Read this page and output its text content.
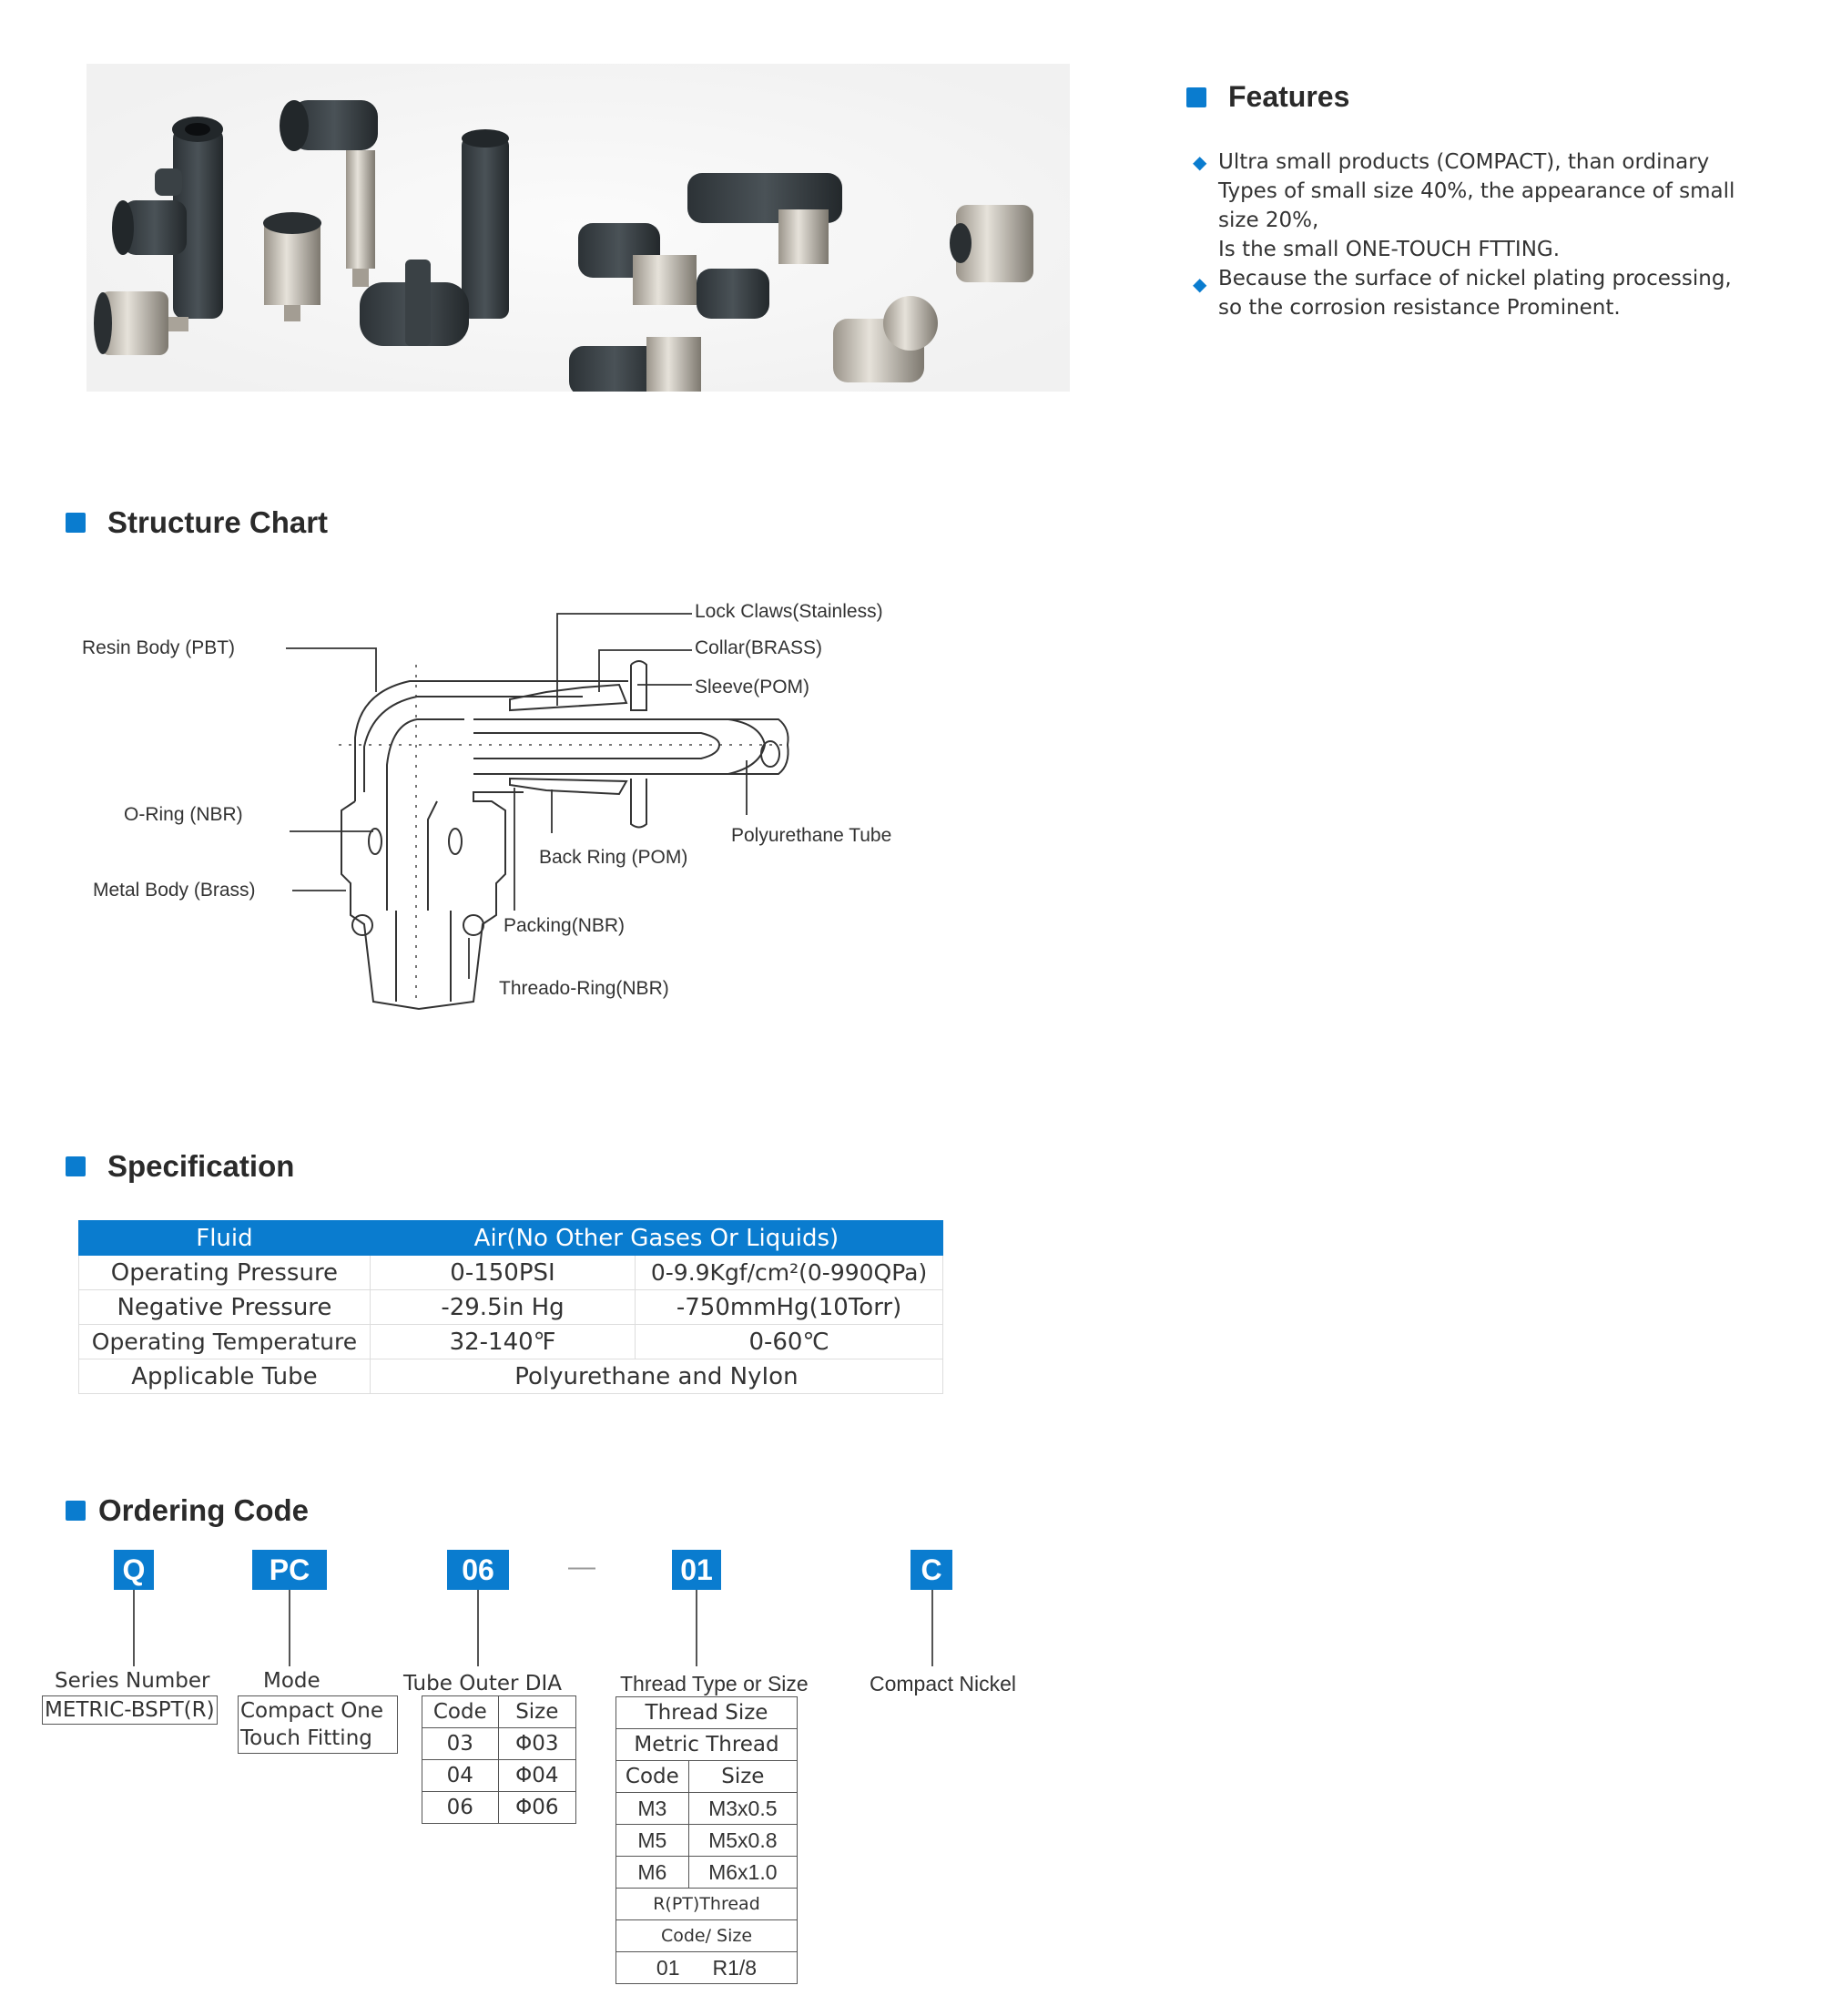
Features
◆ Ultra small products (COMPACT), than ordinary
Types of small size 40%, the appearance of small
size 20%,
Is the small ONE-TOUCH FTTING.
◆ Because the surface of nickel plating processing,
so the corrosion resistance Prominent.
Structure Chart
Resin Body (PBT)
Lock Claws(Stainless)
Collar(BRASS)
Sleeve(POM)
O-Ring (NBR)
Polyurethane Tube
Back Ring (POM)
Metal Body (Brass)
Packing(NBR)
Threado-Ring(NBR)
Specification
Fluid	Air(No Other Gases Or Liquids)	
Operating Pressure	0-150PSI	0-9.9Kgf/cm²(0-990QPa)
Negative Pressure	-29.5in Hg	-750mmHg(10Torr)
Operating Temperature	32-140℉	0-60℃
Applicable Tube	Polyurethane and NyIon	
Ordering Code
Q	PC	06	—	01	C
Series Number
METRIC-BSPT(R)
Mode
Compact One
Touch Fitting
Tube Outer DIA
Code	Size
03	Φ03
04	Φ04
06	Φ06
Thread Type or Size
Thread Size	
Metric Thread	
Code	Size
M3	M3x0.5
M5	M5x0.8
M6	M6x1.0
R(PT)Thread	
Code/ Size	
01 R1/8	
Compact Nickel
